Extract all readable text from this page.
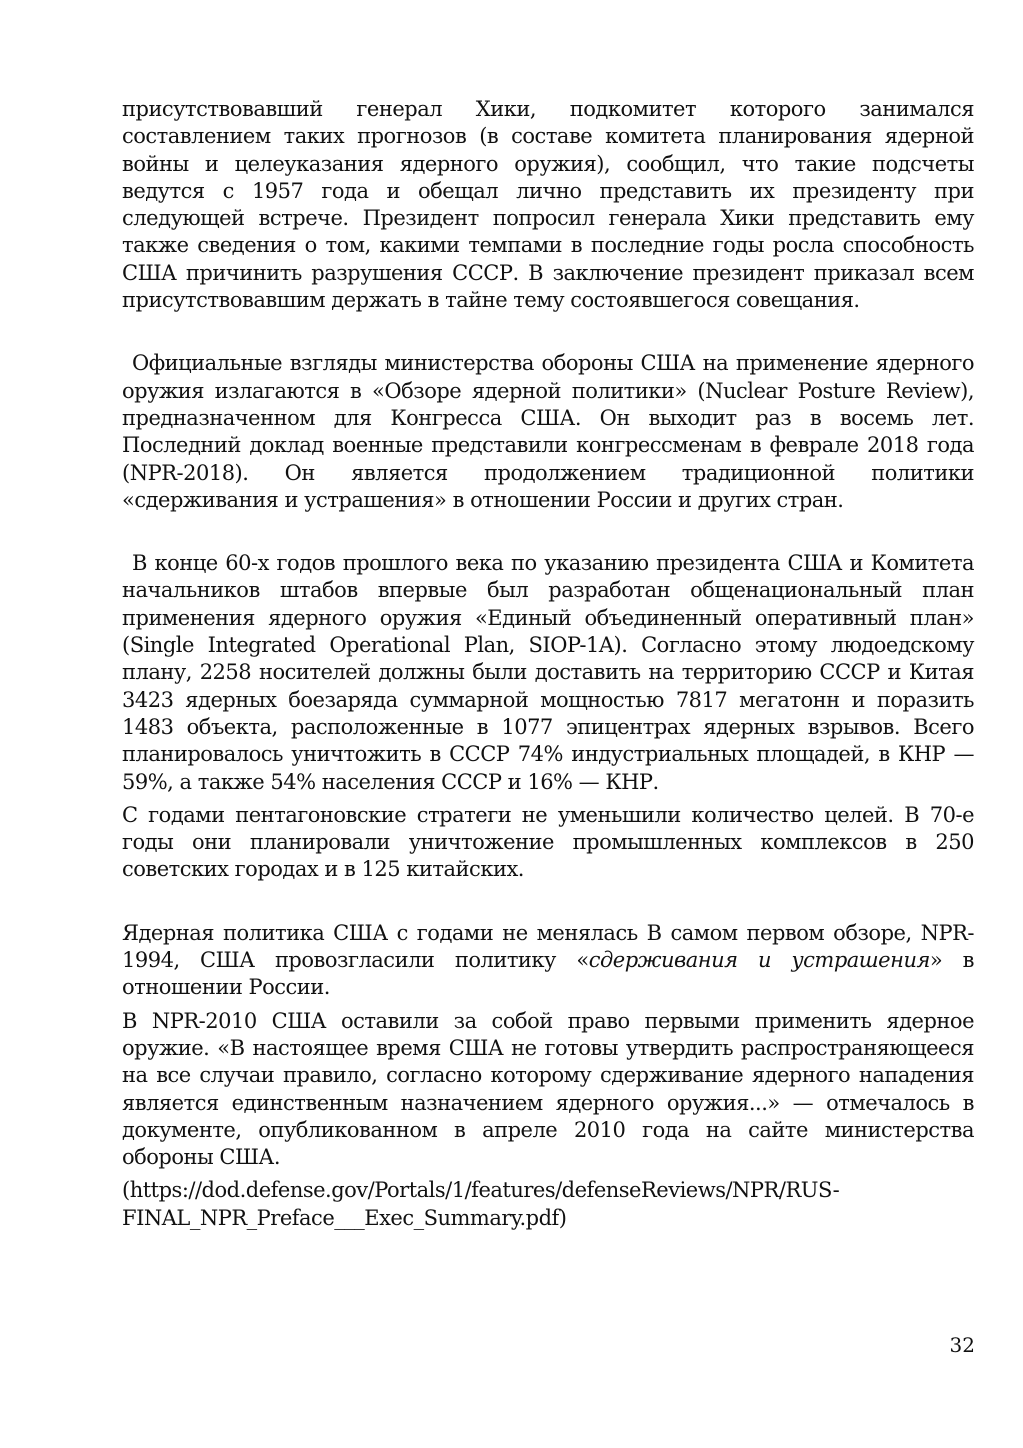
присутствовавший генерал Хики, подкомитет которого занимался составлением таких прогнозов (в составе комитета планирования ядерной войны и целеуказания ядерного оружия), сообщил, что такие подсчеты ведутся с 1957 года и обещал лично представить их президенту при следующей встрече. Президент попросил генерала Хики представить ему также сведения о том, какими темпами в последние годы росла способность США причинить разрушения СССР. В заключение президент приказал всем присутствовавшим держать в тайне тему состоявшегося совещания.

Официальные взгляды министерства обороны США на применение ядерного оружия излагаются в «Обзоре ядерной политики» (Nuclear Posture Review), предназначенном для Конгресса США. Он выходит раз в восемь лет. Последний доклад военные представили конгрессменам в феврале 2018 года (NPR-2018). Он является продолжением традиционной политики «сдерживания и устрашения» в отношении России и других стран.

В конце 60-х годов прошлого века по указанию президента США и Комитета начальников штабов впервые был разработан общенациональный план применения ядерного оружия «Единый объединенный оперативный план» (Single Integrated Operational Plan, SIOP-1A). Согласно этому людоедскому плану, 2258 носителей должны были доставить на территорию СССР и Китая 3423 ядерных боезаряда суммарной мощностью 7817 мегатонн и поразить 1483 объекта, расположенные в 1077 эпицентрах ядерных взрывов. Всего планировалось уничтожить в СССР 74% индустриальных площадей, в КНР — 59%, а также 54% населения СССР и 16% — КНР.

С годами пентагоновские стратеги не уменьшили количество целей. В 70-е годы они планировали уничтожение промышленных комплексов в 250 советских городах и в 125 китайских.

Ядерная политика США с годами не менялась В самом первом обзоре, NPR-1994, США провозгласили политику «сдерживания и устрашения» в отношении России.

В NPR-2010 США оставили за собой право первыми применить ядерное оружие. «В настоящее время США не готовы утвердить распространяющееся на все случаи правило, согласно которому сдерживание ядерного нападения является единственным назначением ядерного оружия...» — отмечалось в документе, опубликованном в апреле 2010 года на сайте министерства обороны США.

(https://dod.defense.gov/Portals/1/features/defenseReviews/NPR/RUS-
FINAL_NPR_Preface___Exec_Summary.pdf)

32
